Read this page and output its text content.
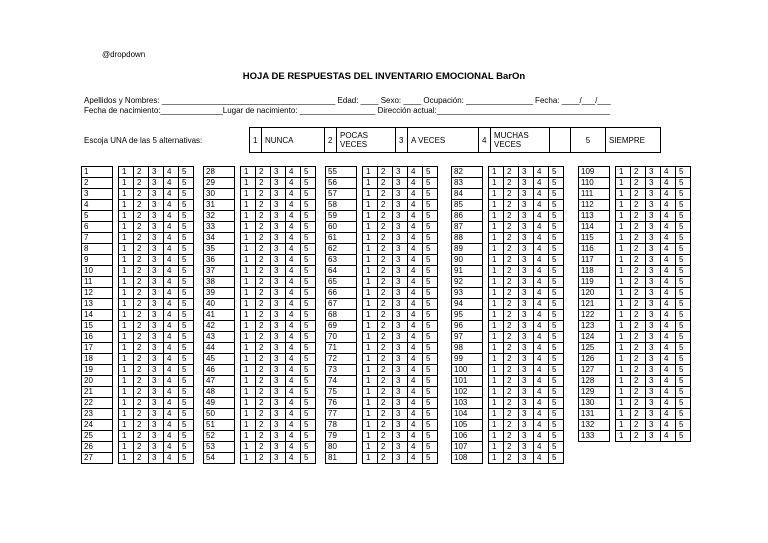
@dropdown
HOJA DE RESPUESTAS DEL INVENTARIO EMOCIONAL BarOn
Apellidos y Nombres: _______________________________________ Edad: ____ Sexo: ____ Ocupación: _______________ Fecha: ____/___/___
Fecha de nacimiento:______________Lugar de nacimiento: _________________ Dirección actual:_______________________________________
Escoja UNA de las 5 alternativas:	1	NUNCA	2	POCAS VECES	3	A VECES	4	MUCHAS VECES		5	SIEMPRE
1		1	2	3	4	5
2		1	2	3	4	5
3		1	2	3	4	5
4		1	2	3	4	5
5		1	2	3	4	5
6		1	2	3	4	5
7		1	2	3	4	5
8		1	2	3	4	5
9		1	2	3	4	5
10		1	2	3	4	5
11		1	2	3	4	5
12		1	2	3	4	5
13		1	2	3	4	5
14		1	2	3	4	5
15		1	2	3	4	5
16		1	2	3	4	5
17		1	2	3	4	5
18		1	2	3	4	5
19		1	2	3	4	5
20		1	2	3	4	5
21		1	2	3	4	5
22		1	2	3	4	5
23		1	2	3	4	5
24		1	2	3	4	5
25		1	2	3	4	5
26		1	2	3	4	5
27		1	2	3	4	5
28		1	2	3	4	5
29		1	2	3	4	5
30		1	2	3	4	5
31		1	2	3	4	5
32		1	2	3	4	5
33		1	2	3	4	5
34		1	2	3	4	5
35		1	2	3	4	5
36		1	2	3	4	5
37		1	2	3	4	5
38		1	2	3	4	5
39		1	2	3	4	5
40		1	2	3	4	5
41		1	2	3	4	5
42		1	2	3	4	5
43		1	2	3	4	5
44		1	2	3	4	5
45		1	2	3	4	5
46		1	2	3	4	5
47		1	2	3	4	5
48		1	2	3	4	5
49		1	2	3	4	5
50		1	2	3	4	5
51		1	2	3	4	5
52		1	2	3	4	5
53		1	2	3	4	5
54		1	2	3	4	5
55		1	2	3	4	5
56		1	2	3	4	5
57		1	2	3	4	5
58		1	2	3	4	5
59		1	2	3	4	5
60		1	2	3	4	5
61		1	2	3	4	5
62		1	2	3	4	5
63		1	2	3	4	5
64		1	2	3	4	5
65		1	2	3	4	5
66		1	2	3	4	5
67		1	2	3	4	5
68		1	2	3	4	5
69		1	2	3	4	5
70		1	2	3	4	5
71		1	2	3	4	5
72		1	2	3	4	5
73		1	2	3	4	5
74		1	2	3	4	5
75		1	2	3	4	5
76		1	2	3	4	5
77		1	2	3	4	5
78		1	2	3	4	5
79		1	2	3	4	5
80		1	2	3	4	5
81		1	2	3	4	5
82		1	2	3	4	5
83		1	2	3	4	5
84		1	2	3	4	5
85		1	2	3	4	5
86		1	2	3	4	5
87		1	2	3	4	5
88		1	2	3	4	5
89		1	2	3	4	5
90		1	2	3	4	5
91		1	2	3	4	5
92		1	2	3	4	5
93		1	2	3	4	5
94		1	2	3	4	5
95		1	2	3	4	5
96		1	2	3	4	5
97		1	2	3	4	5
98		1	2	3	4	5
99		1	2	3	4	5
100		1	2	3	4	5
101		1	2	3	4	5
102		1	2	3	4	5
103		1	2	3	4	5
104		1	2	3	4	5
105		1	2	3	4	5
106		1	2	3	4	5
107		1	2	3	4	5
108		1	2	3	4	5
109		1	2	3	4	5
110		1	2	3	4	5
111		1	2	3	4	5
112		1	2	3	4	5
113		1	2	3	4	5
114		1	2	3	4	5
115		1	2	3	4	5
116		1	2	3	4	5
117		1	2	3	4	5
118		1	2	3	4	5
119		1	2	3	4	5
120		1	2	3	4	5
121		1	2	3	4	5
122		1	2	3	4	5
123		1	2	3	4	5
124		1	2	3	4	5
125		1	2	3	4	5
126		1	2	3	4	5
127		1	2	3	4	5
128		1	2	3	4	5
129		1	2	3	4	5
130		1	2	3	4	5
131		1	2	3	4	5
132		1	2	3	4	5
133		1	2	3	4	5
